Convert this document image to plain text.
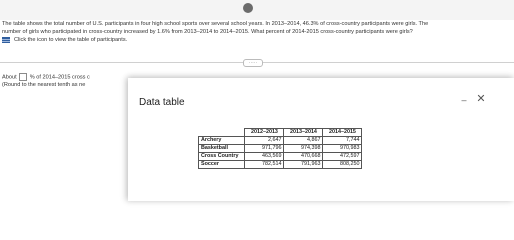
The table shows the total number of U.S. participants in four high school sports over several school years. In 2013–2014, 46.3% of cross-country participants were girls. The
number of girls who participated in cross-country increased by 1.6% from 2013–2014 to 2014–2015. What percent of 2014-2015 cross-country participants were girls?
Click the icon to view the table of participants.
·····
About % of 2014–2015 cross c
(Round to the nearest tenth as ne
Data table	– ✕
	2012–2013	2013–2014	2014–2015
Archery	2,647	4,867	7,744
Basketball	971,796	974,398	970,983
Cross Country	463,569	470,668	472,597
Soccer	782,514	791,963	808,250
